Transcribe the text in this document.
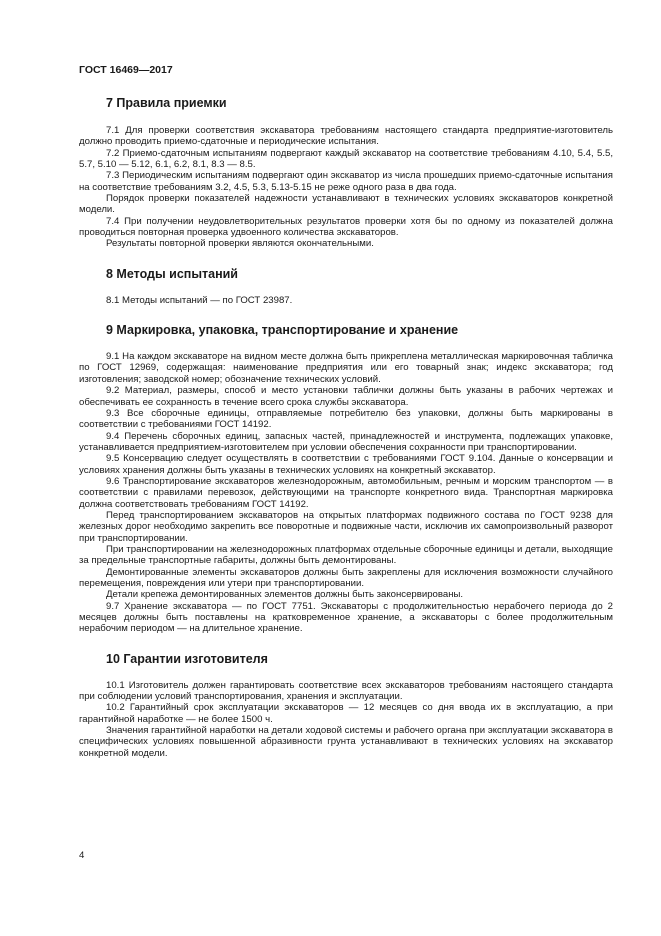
ГОСТ 16469—2017
7 Правила приемки

7.1 Для проверки соответствия экскаватора требованиям настоящего стандарта предприятие-изготовитель должно проводить приемо-сдаточные и периодические испытания.

7.2 Приемо-сдаточным испытаниям подвергают каждый экскаватор на соответствие требованиям 4.10, 5.4, 5.5, 5.7, 5.10 — 5.12, 6.1, 6.2, 8.1, 8.3 — 8.5.

7.3 Периодическим испытаниям подвергают один экскаватор из числа прошедших приемо-сдаточные испытания на соответствие требованиям 3.2, 4.5, 5.3, 5.13-5.15 не реже одного раза в два года.

Порядок проверки показателей надежности устанавливают в технических условиях экскаваторов конкретной модели.

7.4 При получении неудовлетворительных результатов проверки хотя бы по одному из показателей должна проводиться повторная проверка удвоенного количества экскаваторов.

Результаты повторной проверки являются окончательными.

8 Методы испытаний

8.1 Методы испытаний — по ГОСТ 23987.

9 Маркировка, упаковка, транспортирование и хранение

9.1 На каждом экскаваторе на видном месте должна быть прикреплена металлическая маркировочная табличка по ГОСТ 12969, содержащая: наименование предприятия или его товарный знак; индекс экскаватора; год изготовления; заводской номер; обозначение технических условий.

9.2 Материал, размеры, способ и место установки таблички должны быть указаны в рабочих чертежах и обеспечивать ее сохранность в течение всего срока службы экскаватора.

9.3 Все сборочные единицы, отправляемые потребителю без упаковки, должны быть маркированы в соответствии с требованиями ГОСТ 14192.

9.4 Перечень сборочных единиц, запасных частей, принадлежностей и инструмента, подлежащих упаковке, устанавливается предприятием-изготовителем при условии обеспечения сохранности при транспортировании.

9.5 Консервацию следует осуществлять в соответствии с требованиями ГОСТ 9.104. Данные о консервации и условиях хранения должны быть указаны в технических условиях на конкретный экскаватор.

9.6 Транспортирование экскаваторов железнодорожным, автомобильным, речным и морским транспортом — в соответствии с правилами перевозок, действующими на транспорте конкретного вида. Транспортная маркировка должна соответствовать требованиям ГОСТ 14192.

Перед транспортированием экскаваторов на открытых платформах подвижного состава по ГОСТ 9238 для железных дорог необходимо закрепить все поворотные и подвижные части, исключив их самопроизвольный разворот при транспортировании.

При транспортировании на железнодорожных платформах отдельные сборочные единицы и детали, выходящие за предельные транспортные габариты, должны быть демонтированы.

Демонтированные элементы экскаваторов должны быть закреплены для исключения возможности случайного перемещения, повреждения или утери при транспортировании.

Детали крепежа демонтированных элементов должны быть законсервированы.

9.7 Хранение экскаватора — по ГОСТ 7751. Экскаваторы с продолжительностью нерабочего периода до 2 месяцев должны быть поставлены на кратковременное хранение, а экскаваторы с более продолжительным нерабочим периодом — на длительное хранение.

10 Гарантии изготовителя

10.1 Изготовитель должен гарантировать соответствие всех экскаваторов требованиям настоящего стандарта при соблюдении условий транспортирования, хранения и эксплуатации.

10.2 Гарантийный срок эксплуатации экскаваторов — 12 месяцев со дня ввода их в эксплуатацию, а при гарантийной наработке — не более 1500 ч.

Значения гарантийной наработки на детали ходовой системы и рабочего органа при эксплуатации экскаватора в специфических условиях повышенной абразивности грунта устанавливают в технических условиях на экскаватор конкретной модели.

4
